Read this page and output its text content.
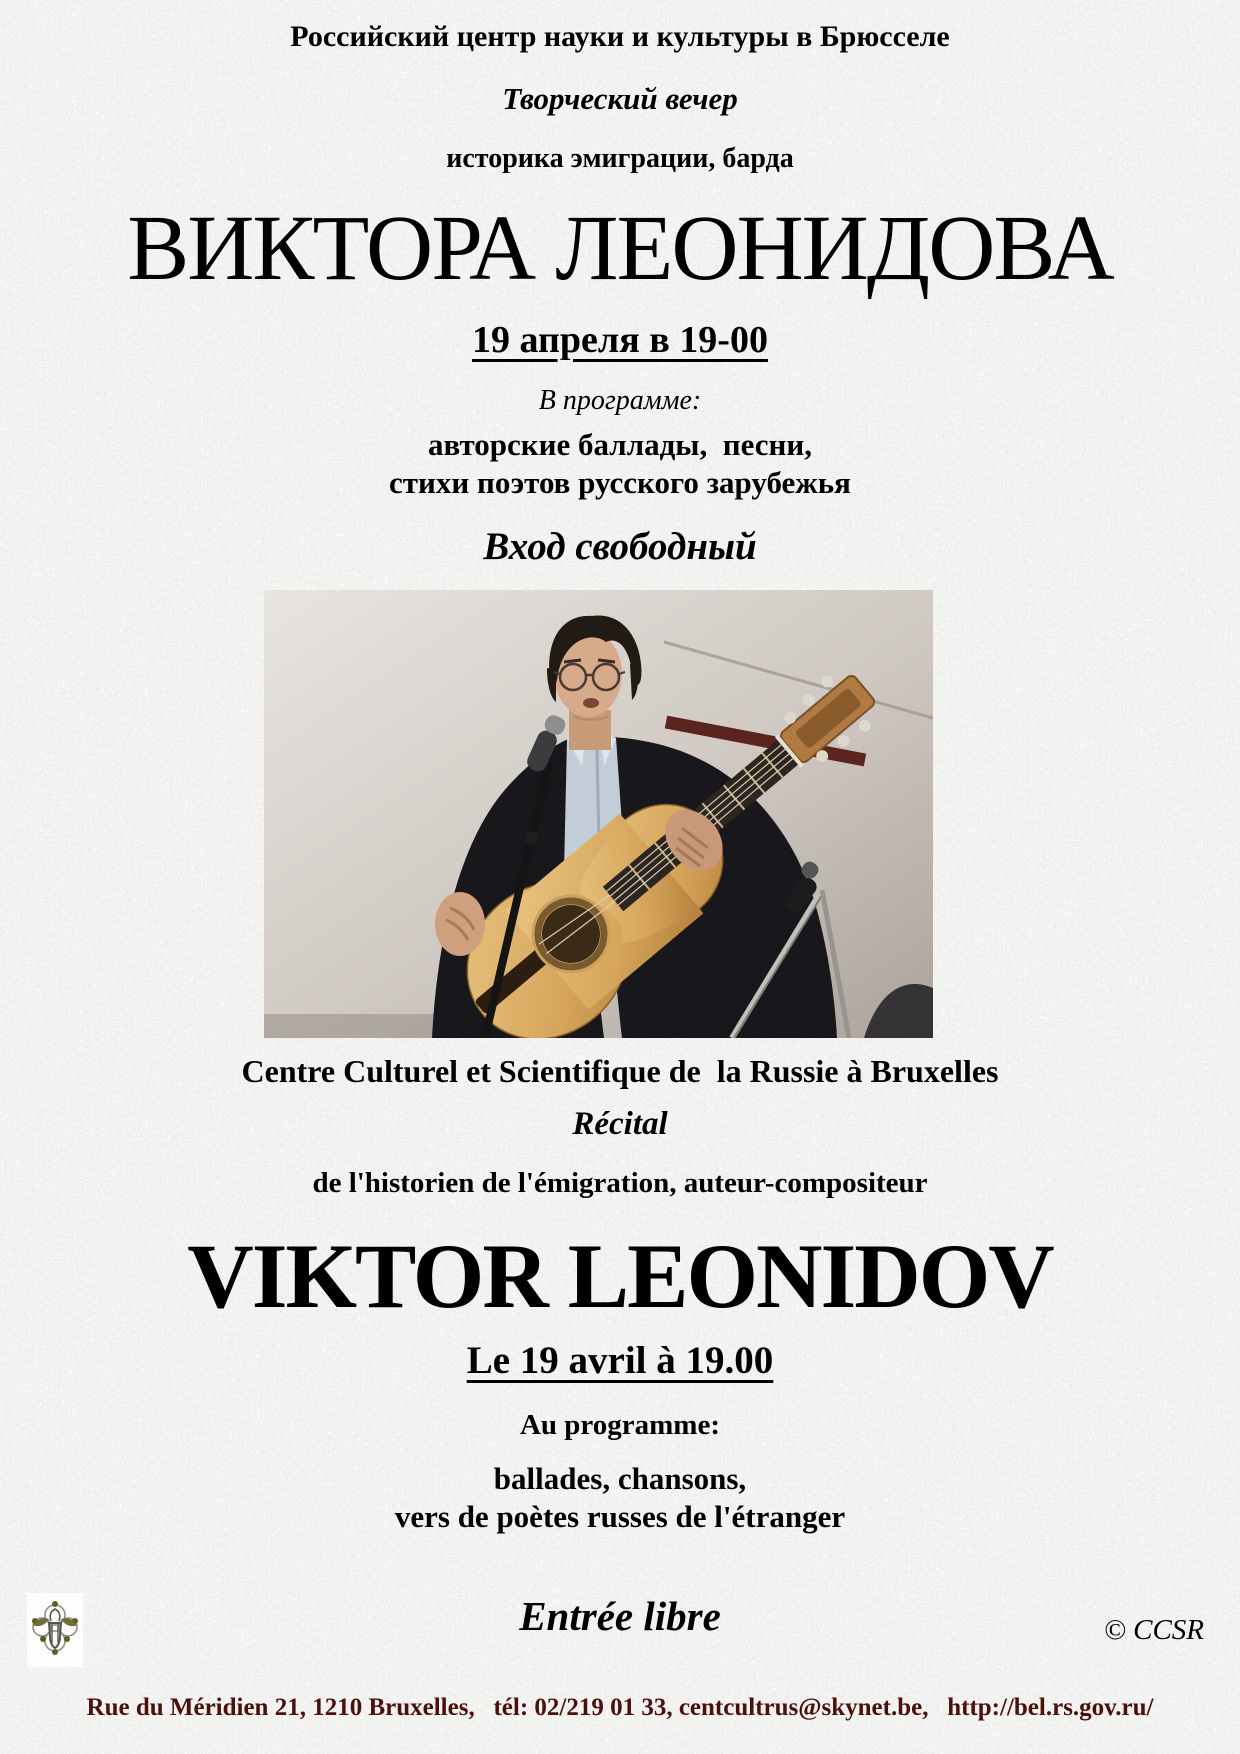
Российский центр науки и культуры в Брюсселе
Творческий вечер
историка эмиграции, барда
ВИКТОРА ЛЕОНИДОВА
19 апреля в 19-00
В программе:
авторские баллады,  песни,
стихи поэтов русского зарубежья
Вход свободный
Centre Culturel et Scientifique de  la Russie à Bruxelles
Récital
de l'historien de l'émigration, auteur-compositeur
VIKTOR LEONIDOV
Le 19 avril à 19.00
Au programme:
ballades, chansons,
vers de poètes russes de l'étranger
Entrée libre	© CCSR
Rue du Méridien 21, 1210 Bruxelles,   tél: 02/219 01 33, centcultrus@skynet.be,   http://bel.rs.gov.ru/
